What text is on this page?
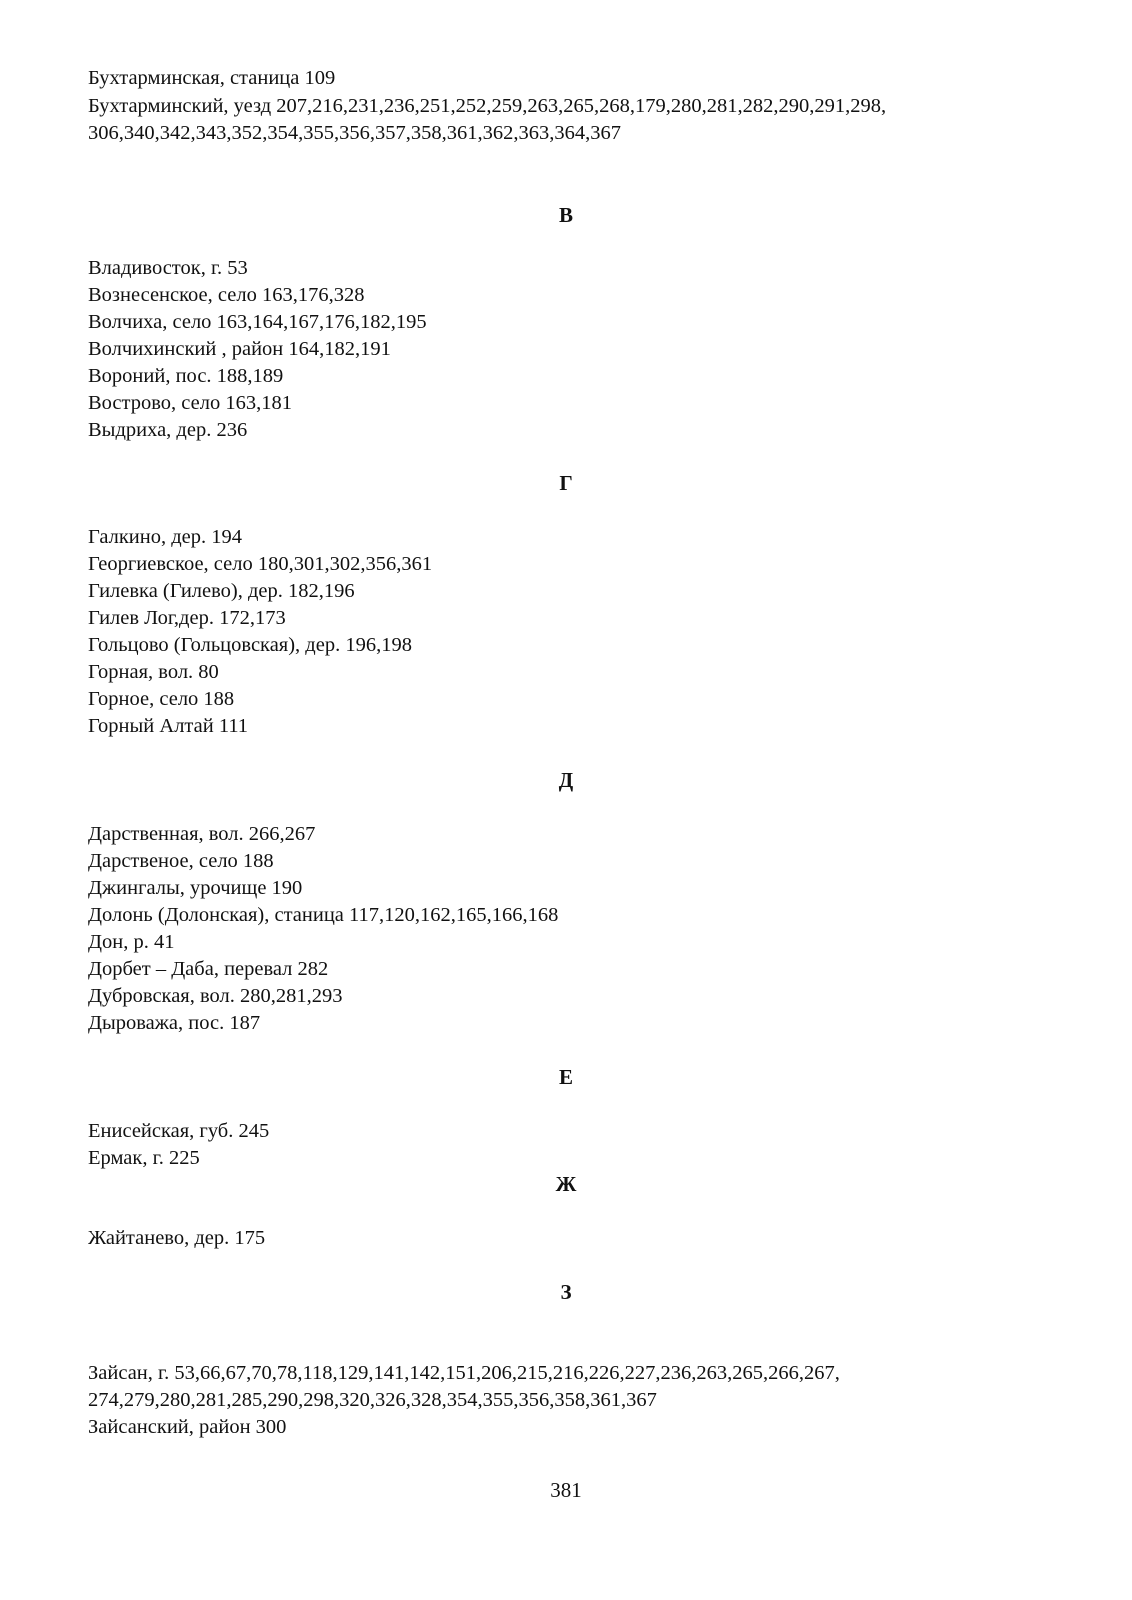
Бухтарминская, станица 109
Бухтарминский, уезд 207,216,231,236,251,252,259,263,265,268,179,280,281,282,290,291,298,
306,340,342,343,352,354,355,356,357,358,361,362,363,364,367
В
Владивосток, г. 53
Вознесенское, село 163,176,328
Волчиха, село 163,164,167,176,182,195
Волчихинский , район 164,182,191
Вороний, пос. 188,189
Вострово, село 163,181
Выдриха, дер. 236
Г
Галкино, дер. 194
Георгиевское, село 180,301,302,356,361
Гилевка (Гилево), дер. 182,196
Гилев Лог,дер. 172,173
Гольцово (Гольцовская), дер. 196,198
Горная, вол. 80
Горное, село 188
Горный Алтай 111
Д
Дарственная, вол. 266,267
Дарственое, село 188
Джингалы, урочище 190
Долонь (Долонская), станица 117,120,162,165,166,168
Дон, р. 41
Дорбет – Даба, перевал 282
Дубровская, вол. 280,281,293
Дыроважа, пос. 187
Е
Енисейская, губ. 245
Ермак, г. 225
Ж
Жайтанево, дер. 175
З
Зайсан, г. 53,66,67,70,78,118,129,141,142,151,206,215,216,226,227,236,263,265,266,267,
274,279,280,281,285,290,298,320,326,328,354,355,356,358,361,367
Зайсанский, район 300
381
